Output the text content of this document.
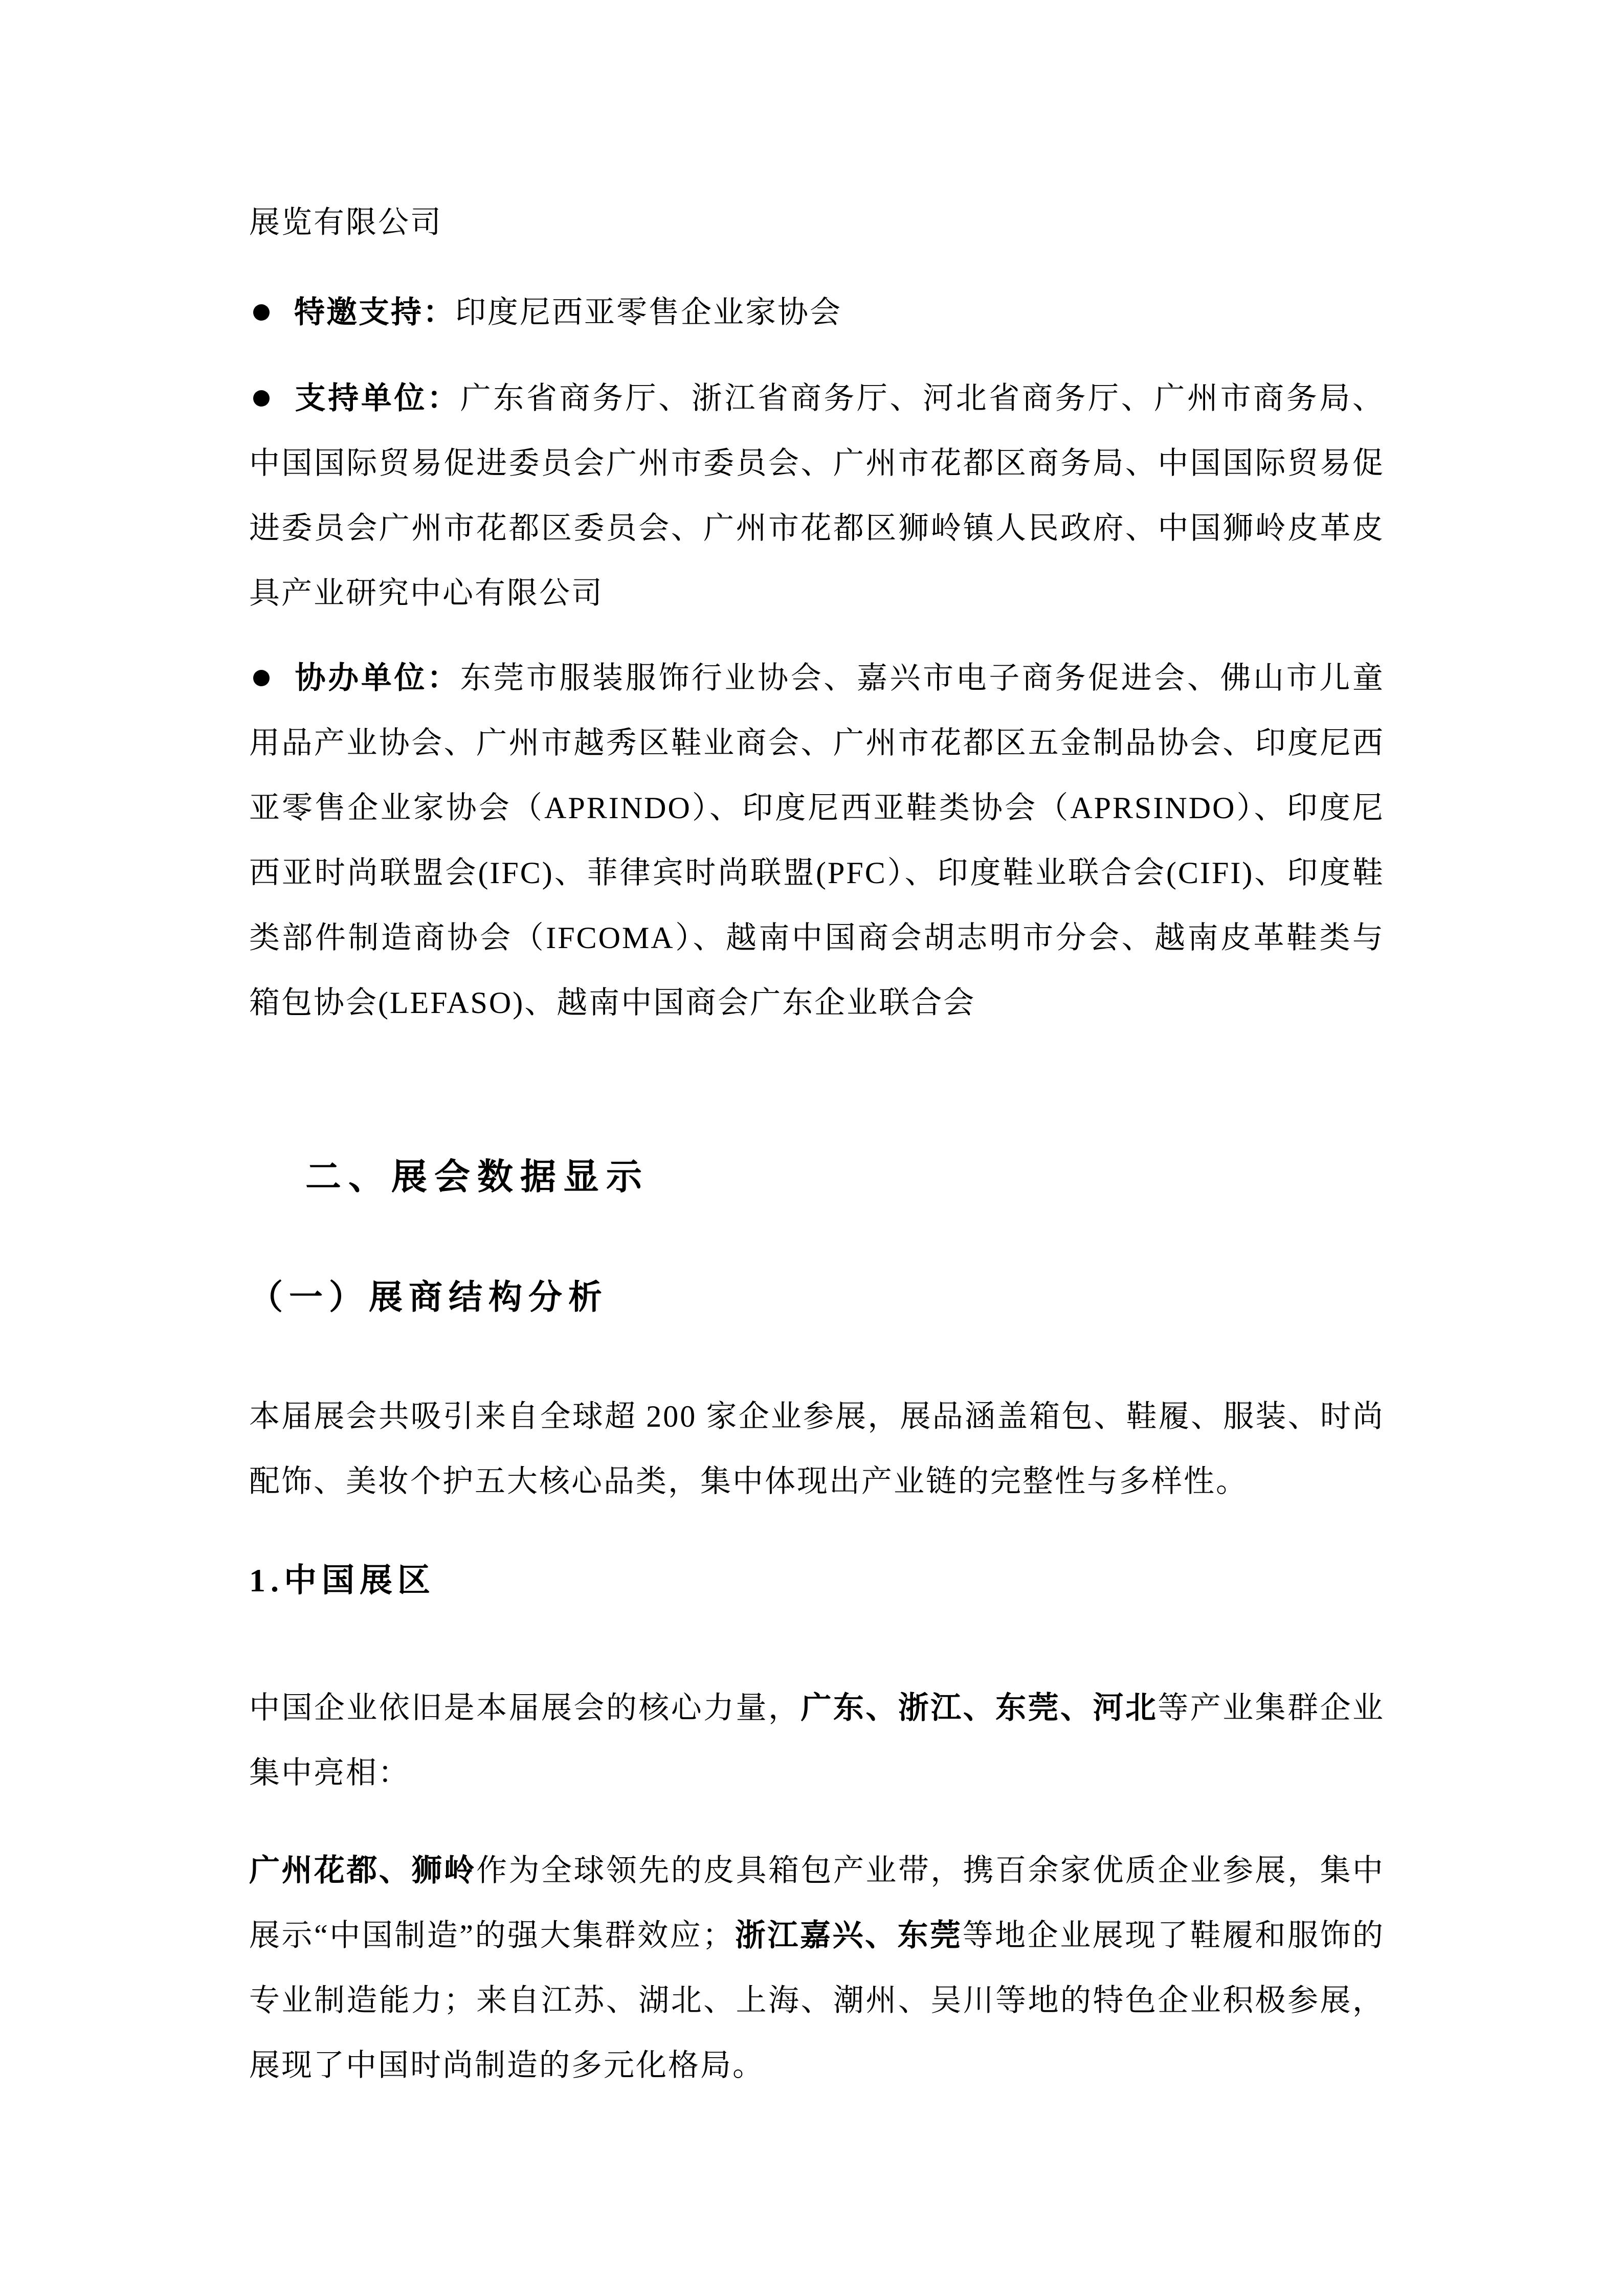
展览有限公司

特邀支持：印度尼西亚零售企业家协会

支持单位：广东省商务厅、浙江省商务厅、河北省商务厅、广州市商务局、中国国际贸易促进委员会广州市委员会、广州市花都区商务局、中国国际贸易促进委员会广州市花都区委员会、广州市花都区狮岭镇人民政府、中国狮岭皮革皮具产业研究中心有限公司

协办单位：东莞市服装服饰行业协会、嘉兴市电子商务促进会、佛山市儿童用品产业协会、广州市越秀区鞋业商会、广州市花都区五金制品协会、印度尼西亚零售企业家协会（APRINDO）、印度尼西亚鞋类协会（APRSINDO）、印度尼西亚时尚联盟会(IFC)、菲律宾时尚联盟(PFC）、印度鞋业联合会(CIFI)、印度鞋类部件制造商协会（IFCOMA）、越南中国商会胡志明市分会、越南皮革鞋类与箱包协会(LEFASO)、越南中国商会广东企业联合会

二、展会数据显示
（一）展商结构分析

本届展会共吸引来自全球超 200 家企业参展，展品涵盖箱包、鞋履、服装、时尚配饰、美妆个护五大核心品类，集中体现出产业链的完整性与多样性。

1.中国展区

中国企业依旧是本届展会的核心力量，广东、浙江、东莞、河北等产业集群企业集中亮相：

广州花都、狮岭作为全球领先的皮具箱包产业带，携百余家优质企业参展，集中展示“中国制造”的强大集群效应；浙江嘉兴、东莞等地企业展现了鞋履和服饰的专业制造能力；来自江苏、湖北、上海、潮州、吴川等地的特色企业积极参展，展现了中国时尚制造的多元化格局。
